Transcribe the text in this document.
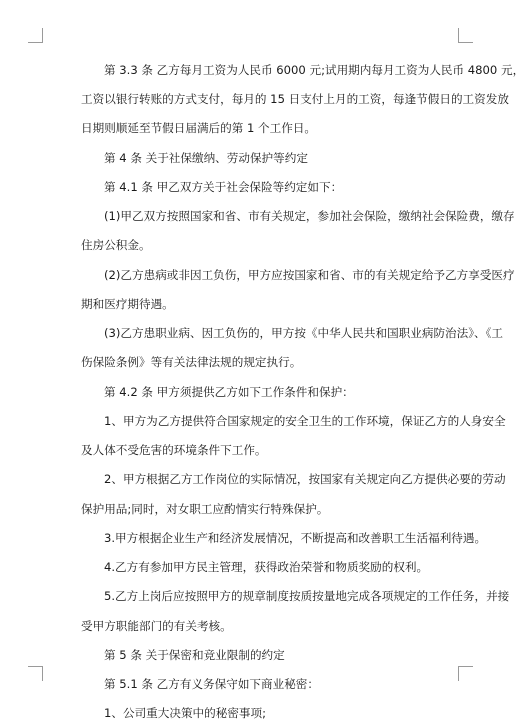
第 3.3 条 乙方每月工资为人民币 6000 元;试用期内每月工资为人民币 4800 元，
工资以银行转账的方式支付，每月的 15 日支付上月的工资，每逢节假日的工资发放
日期则顺延至节假日届满后的第 1 个工作日。
第 4 条 关于社保缴纳、劳动保护等约定
第 4.1 条 甲乙双方关于社会保险等约定如下：
(1)甲乙双方按照国家和省、市有关规定，参加社会保险，缴纳社会保险费，缴存
住房公积金。
(2)乙方患病或非因工负伤，甲方应按国家和省、市的有关规定给予乙方享受医疗
期和医疗期待遇。
(3)乙方患职业病、因工负伤的，甲方按《中华人民共和国职业病防治法》、《工
伤保险条例》等有关法律法规的规定执行。
第 4.2 条 甲方须提供乙方如下工作条件和保护：
1、甲方为乙方提供符合国家规定的安全卫生的工作环境，保证乙方的人身安全
及人体不受危害的环境条件下工作。
2、甲方根据乙方工作岗位的实际情况，按国家有关规定向乙方提供必要的劳动
保护用品;同时，对女职工应酌情实行特殊保护。
3.甲方根据企业生产和经济发展情况，不断提高和改善职工生活福利待遇。
4.乙方有参加甲方民主管理，获得政治荣誉和物质奖励的权利。
5.乙方上岗后应按照甲方的规章制度按质按量地完成各项规定的工作任务，并接
受甲方职能部门的有关考核。
第 5 条 关于保密和竞业限制的约定
第 5.1 条 乙方有义务保守如下商业秘密：
1、公司重大决策中的秘密事项;
